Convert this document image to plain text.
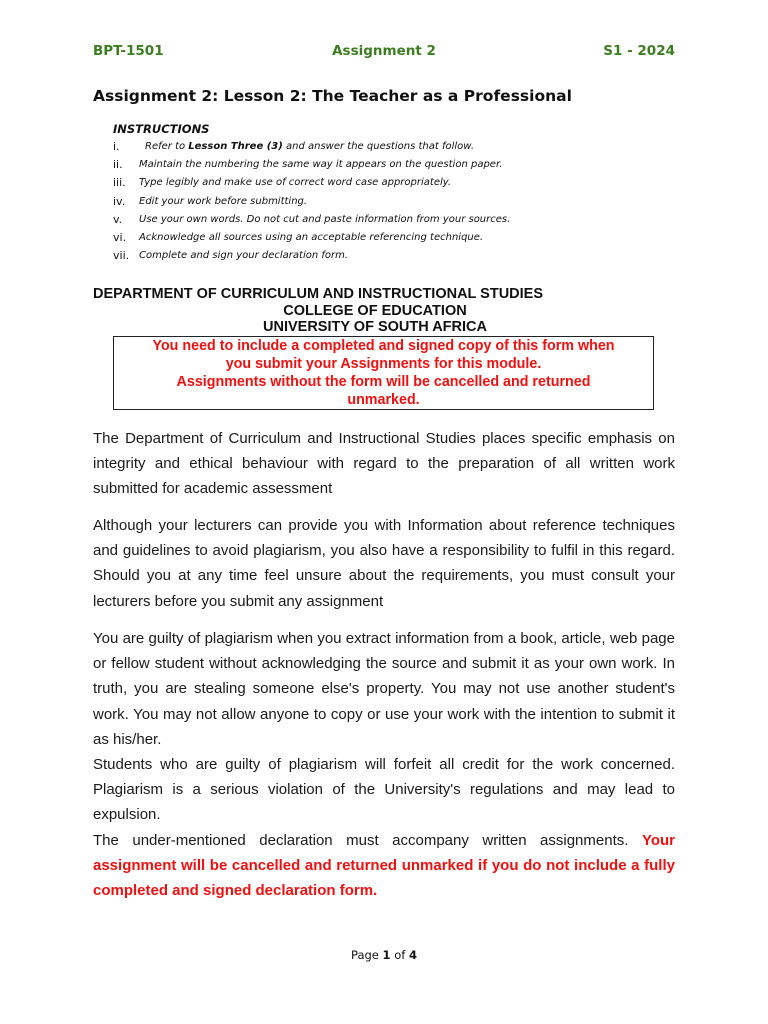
BPT-1501	Assignment 2	S1 - 2024
Assignment 2: Lesson 2: The Teacher as a Professional
INSTRUCTIONS
i.	Refer to Lesson Three (3) and answer the questions that follow.
ii. Maintain the numbering the same way it appears on the question paper.
iii. Type legibly and make use of correct word case appropriately.
iv. Edit your work before submitting.
v. Use your own words. Do not cut and paste information from your sources.
vi. Acknowledge all sources using an acceptable referencing technique.
vii. Complete and sign your declaration form.
DEPARTMENT OF CURRICULUM AND INSTRUCTIONAL STUDIES
COLLEGE OF EDUCATION
UNIVERSITY OF SOUTH AFRICA

You need to include a completed and signed copy of this form when

you submit your Assignments for this module.

Assignments without the form will be cancelled and returned

unmarked.

The Department of Curriculum and Instructional Studies places specific emphasis on integrity and ethical behaviour with regard to the preparation of all written work submitted for academic assessment
Although your lecturers can provide you with Information about reference techniques and guidelines to avoid plagiarism, you also have a responsibility to fulfil in this regard. Should you at any time feel unsure about the requirements, you must consult your lecturers before you submit any assignment
You are guilty of plagiarism when you extract information from a book, article, web page or fellow student without acknowledging the source and submit it as your own work. In truth, you are stealing someone else's property. You may not use another student's work. You may not allow anyone to copy or use your work with the intention to submit it as his/her.
Students who are guilty of plagiarism will forfeit all credit for the work concerned. Plagiarism is a serious violation of the University's regulations and may lead to expulsion.
The under-mentioned declaration must accompany written assignments. Your assignment will be cancelled and returned unmarked if you do not include a fully completed and signed declaration form.
Page 1 of 4
